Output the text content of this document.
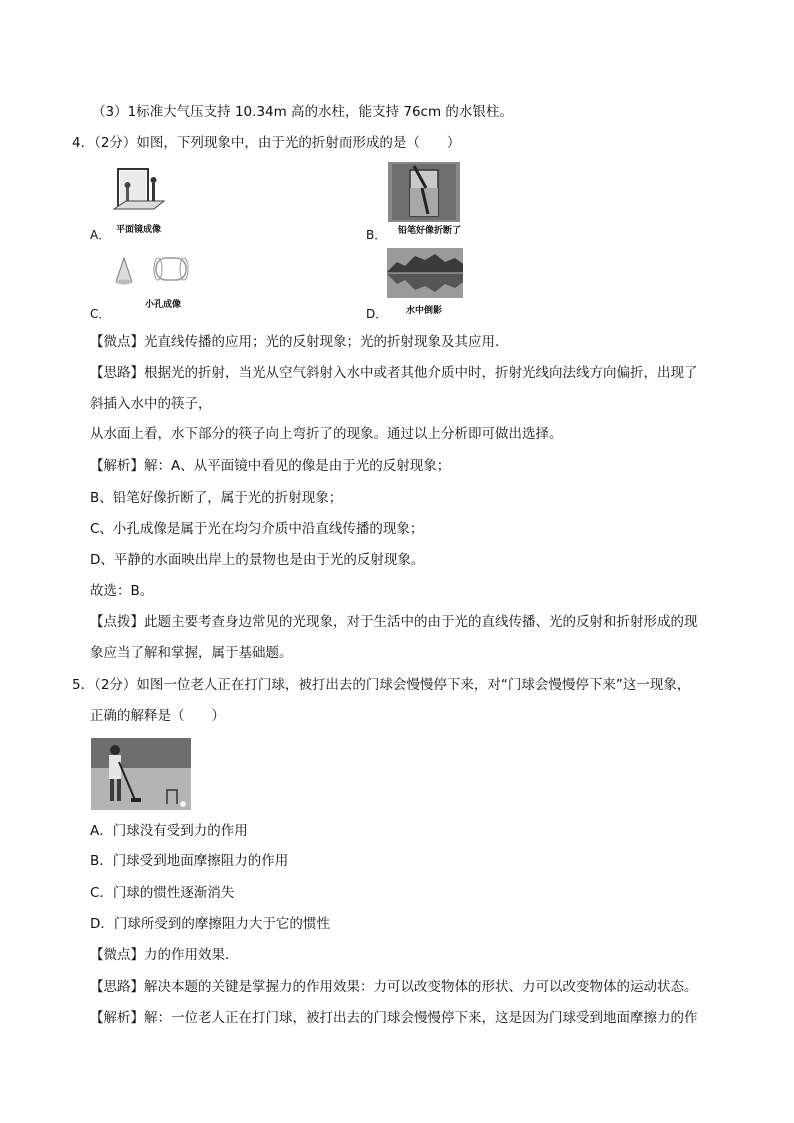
（3）1标准大气压支持 10.34m 高的水柱，能支持 76cm 的水银柱。
4．（2分）如图，下列现象中，由于光的折射而形成的是（　　）
平面镜成像
A．	铅笔好像折断了
B．
小孔成像
C．	水中倒影
D．
【微点】光直线传播的应用；光的反射现象；光的折射现象及其应用．
【思路】根据光的折射，当光从空气斜射入水中或者其他介质中时，折射光线向法线方向偏折，出现了
斜插入水中的筷子，
从水面上看，水下部分的筷子向上弯折了的现象。通过以上分析即可做出选择。
【解析】解：A、从平面镜中看见的像是由于光的反射现象；
B、铅笔好像折断了，属于光的折射现象；
C、小孔成像是属于光在均匀介质中沿直线传播的现象；
D、平静的水面映出岸上的景物也是由于光的反射现象。
故选：B。
【点拨】此题主要考查身边常见的光现象，对于生活中的由于光的直线传播、光的反射和折射形成的现
象应当了解和掌握，属于基础题。
5．（2分）如图一位老人正在打门球，被打出去的门球会慢慢停下来，对“门球会慢慢停下来”这一现象，
正确的解释是（　　）
A．门球没有受到力的作用
B．门球受到地面摩擦阻力的作用
C．门球的惯性逐渐消失
D．门球所受到的摩擦阻力大于它的惯性
【微点】力的作用效果．
【思路】解决本题的关键是掌握力的作用效果：力可以改变物体的形状、力可以改变物体的运动状态。
【解析】解：一位老人正在打门球，被打出去的门球会慢慢停下来，这是因为门球受到地面摩擦力的作
